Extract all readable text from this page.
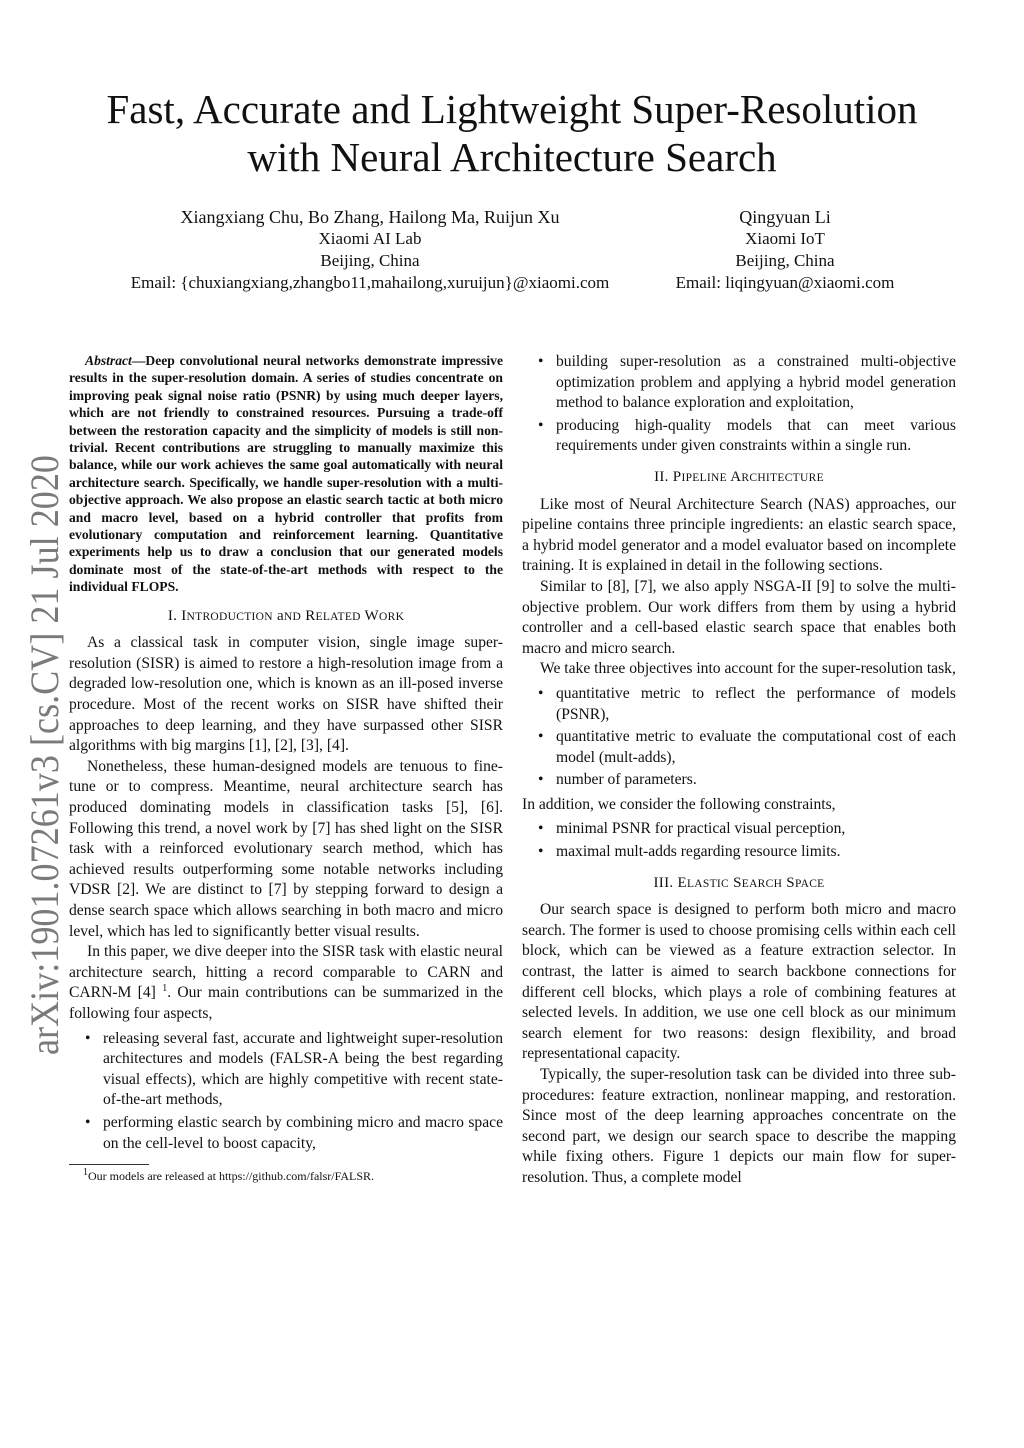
arXiv:1901.07261v3 [cs.CV] 21 Jul 2020
Fast, Accurate and Lightweight Super-Resolution
with Neural Architecture Search
Xiangxiang Chu, Bo Zhang, Hailong Ma, Ruijun Xu
Xiaomi AI Lab
Beijing, China
Email: {chuxiangxiang,zhangbo11,mahailong,xuruijun}@xiaomi.com
Qingyuan Li
Xiaomi IoT
Beijing, China
Email: liqingyuan@xiaomi.com

Abstract—Deep convolutional neural networks demonstrate impressive results in the super-resolution domain. A series of studies concentrate on improving peak signal noise ratio (PSNR) by using much deeper layers, which are not friendly to constrained resources. Pursuing a trade-off between the restoration capacity and the simplicity of models is still non-trivial. Recent contributions are struggling to manually maximize this balance, while our work achieves the same goal automatically with neural architecture search. Specifically, we handle super-resolution with a multi-objective approach. We also propose an elastic search tactic at both micro and macro level, based on a hybrid controller that profits from evolutionary computation and reinforcement learning. Quantitative experiments help us to draw a conclusion that our generated models dominate most of the state-of-the-art methods with respect to the individual FLOPS.

I. INTRODUCTION aND RELATED WORK

As a classical task in computer vision, single image super-resolution (SISR) is aimed to restore a high-resolution image from a degraded low-resolution one, which is known as an ill-posed inverse procedure. Most of the recent works on SISR have shifted their approaches to deep learning, and they have surpassed other SISR algorithms with big margins [1], [2], [3], [4].

Nonetheless, these human-designed models are tenuous to fine-tune or to compress. Meantime, neural architecture search has produced dominating models in classification tasks [5], [6]. Following this trend, a novel work by [7] has shed light on the SISR task with a reinforced evolutionary search method, which has achieved results outperforming some notable networks including VDSR [2]. We are distinct to [7] by stepping forward to design a dense search space which allows searching in both macro and micro level, which has led to significantly better visual results.

In this paper, we dive deeper into the SISR task with elastic neural architecture search, hitting a record comparable to CARN and CARN-M [4] $^1$. Our main contributions can be summarized in the following four aspects,

• releasing several fast, accurate and lightweight super-resolution architectures and models (FALSR-A being the best regarding visual effects), which are highly competitive with recent state-of-the-art methods,
• performing elastic search by combining micro and macro space on the cell-level to boost capacity,

$^1$Our models are released at https://github.com/falsr/FALSR.

• building super-resolution as a constrained multi-objective optimization problem and applying a hybrid model generation method to balance exploration and exploitation,
• producing high-quality models that can meet various requirements under given constraints within a single run.
II. PIPELINE ARCHITECTURE

Like most of Neural Architecture Search (NAS) approaches, our pipeline contains three principle ingredients: an elastic search space, a hybrid model generator and a model evaluator based on incomplete training. It is explained in detail in the following sections.

Similar to [8], [7], we also apply NSGA-II [9] to solve the multi-objective problem. Our work differs from them by using a hybrid controller and a cell-based elastic search space that enables both macro and micro search.

We take three objectives into account for the super-resolution task,

• quantitative metric to reflect the performance of models (PSNR),
• quantitative metric to evaluate the computational cost of each model (mult-adds),
• number of parameters.

In addition, we consider the following constraints,

• minimal PSNR for practical visual perception,
• maximal mult-adds regarding resource limits.
III. ELASTIC SEARCH SPACE

Our search space is designed to perform both micro and macro search. The former is used to choose promising cells within each cell block, which can be viewed as a feature extraction selector. In contrast, the latter is aimed to search backbone connections for different cell blocks, which plays a role of combining features at selected levels. In addition, we use one cell block as our minimum search element for two reasons: design flexibility, and broad representational capacity.

Typically, the super-resolution task can be divided into three sub-procedures: feature extraction, nonlinear mapping, and restoration. Since most of the deep learning approaches concentrate on the second part, we design our search space to describe the mapping while fixing others. Figure 1 depicts our main flow for super-resolution. Thus, a complete model
